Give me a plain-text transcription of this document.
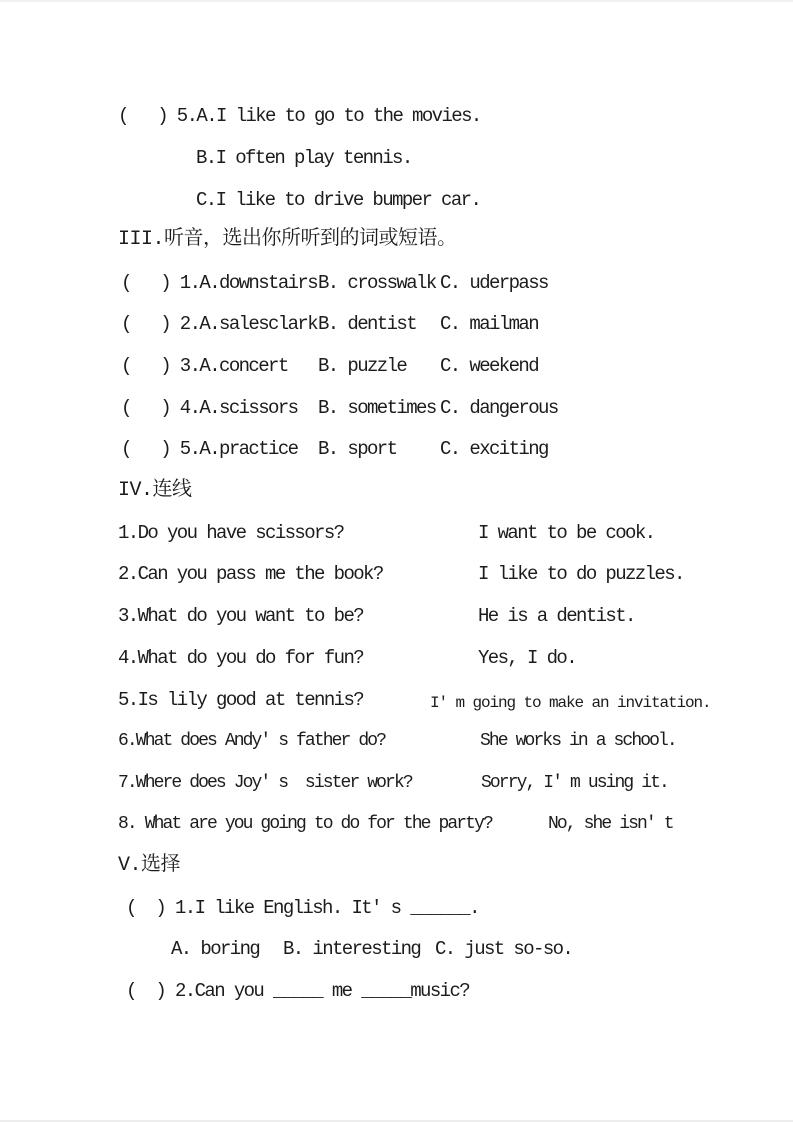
(   ) 5.A.I like to go to the movies.
B.I often play tennis.
C.I like to drive bumper car.
III.听音，选出你所听到的词或短语。
(   ) 1.A.downstairs B. crosswalk C. uderpass
(   ) 2.A.salesclark B. dentist C. mailman
(   ) 3.A.concert B. puzzle C. weekend
(   ) 4.A.scissors B. sometimes C. dangerous
(   ) 5.A.practice B. sport C. exciting
IV.连线
1.Do you have scissors?	I want to be cook.
2.Can you pass me the book?	I like to do puzzles.
3.What do you want to be?	He is a dentist.
4.What do you do for fun?	Yes, I do.
5.Is lily good at tennis?	I' m going to make an invitation.
6.What does Andy' s father do?	She works in a school.
7.Where does Joy' s  sister work?	Sorry, I' m using it.
8. What are you going to do for the party?	No, she isn' t
V.选择
(  ) 1.I like English. It' s ______.
A. boring B. interesting C. just so-so.
(  ) 2.Can you _____ me _____music?
